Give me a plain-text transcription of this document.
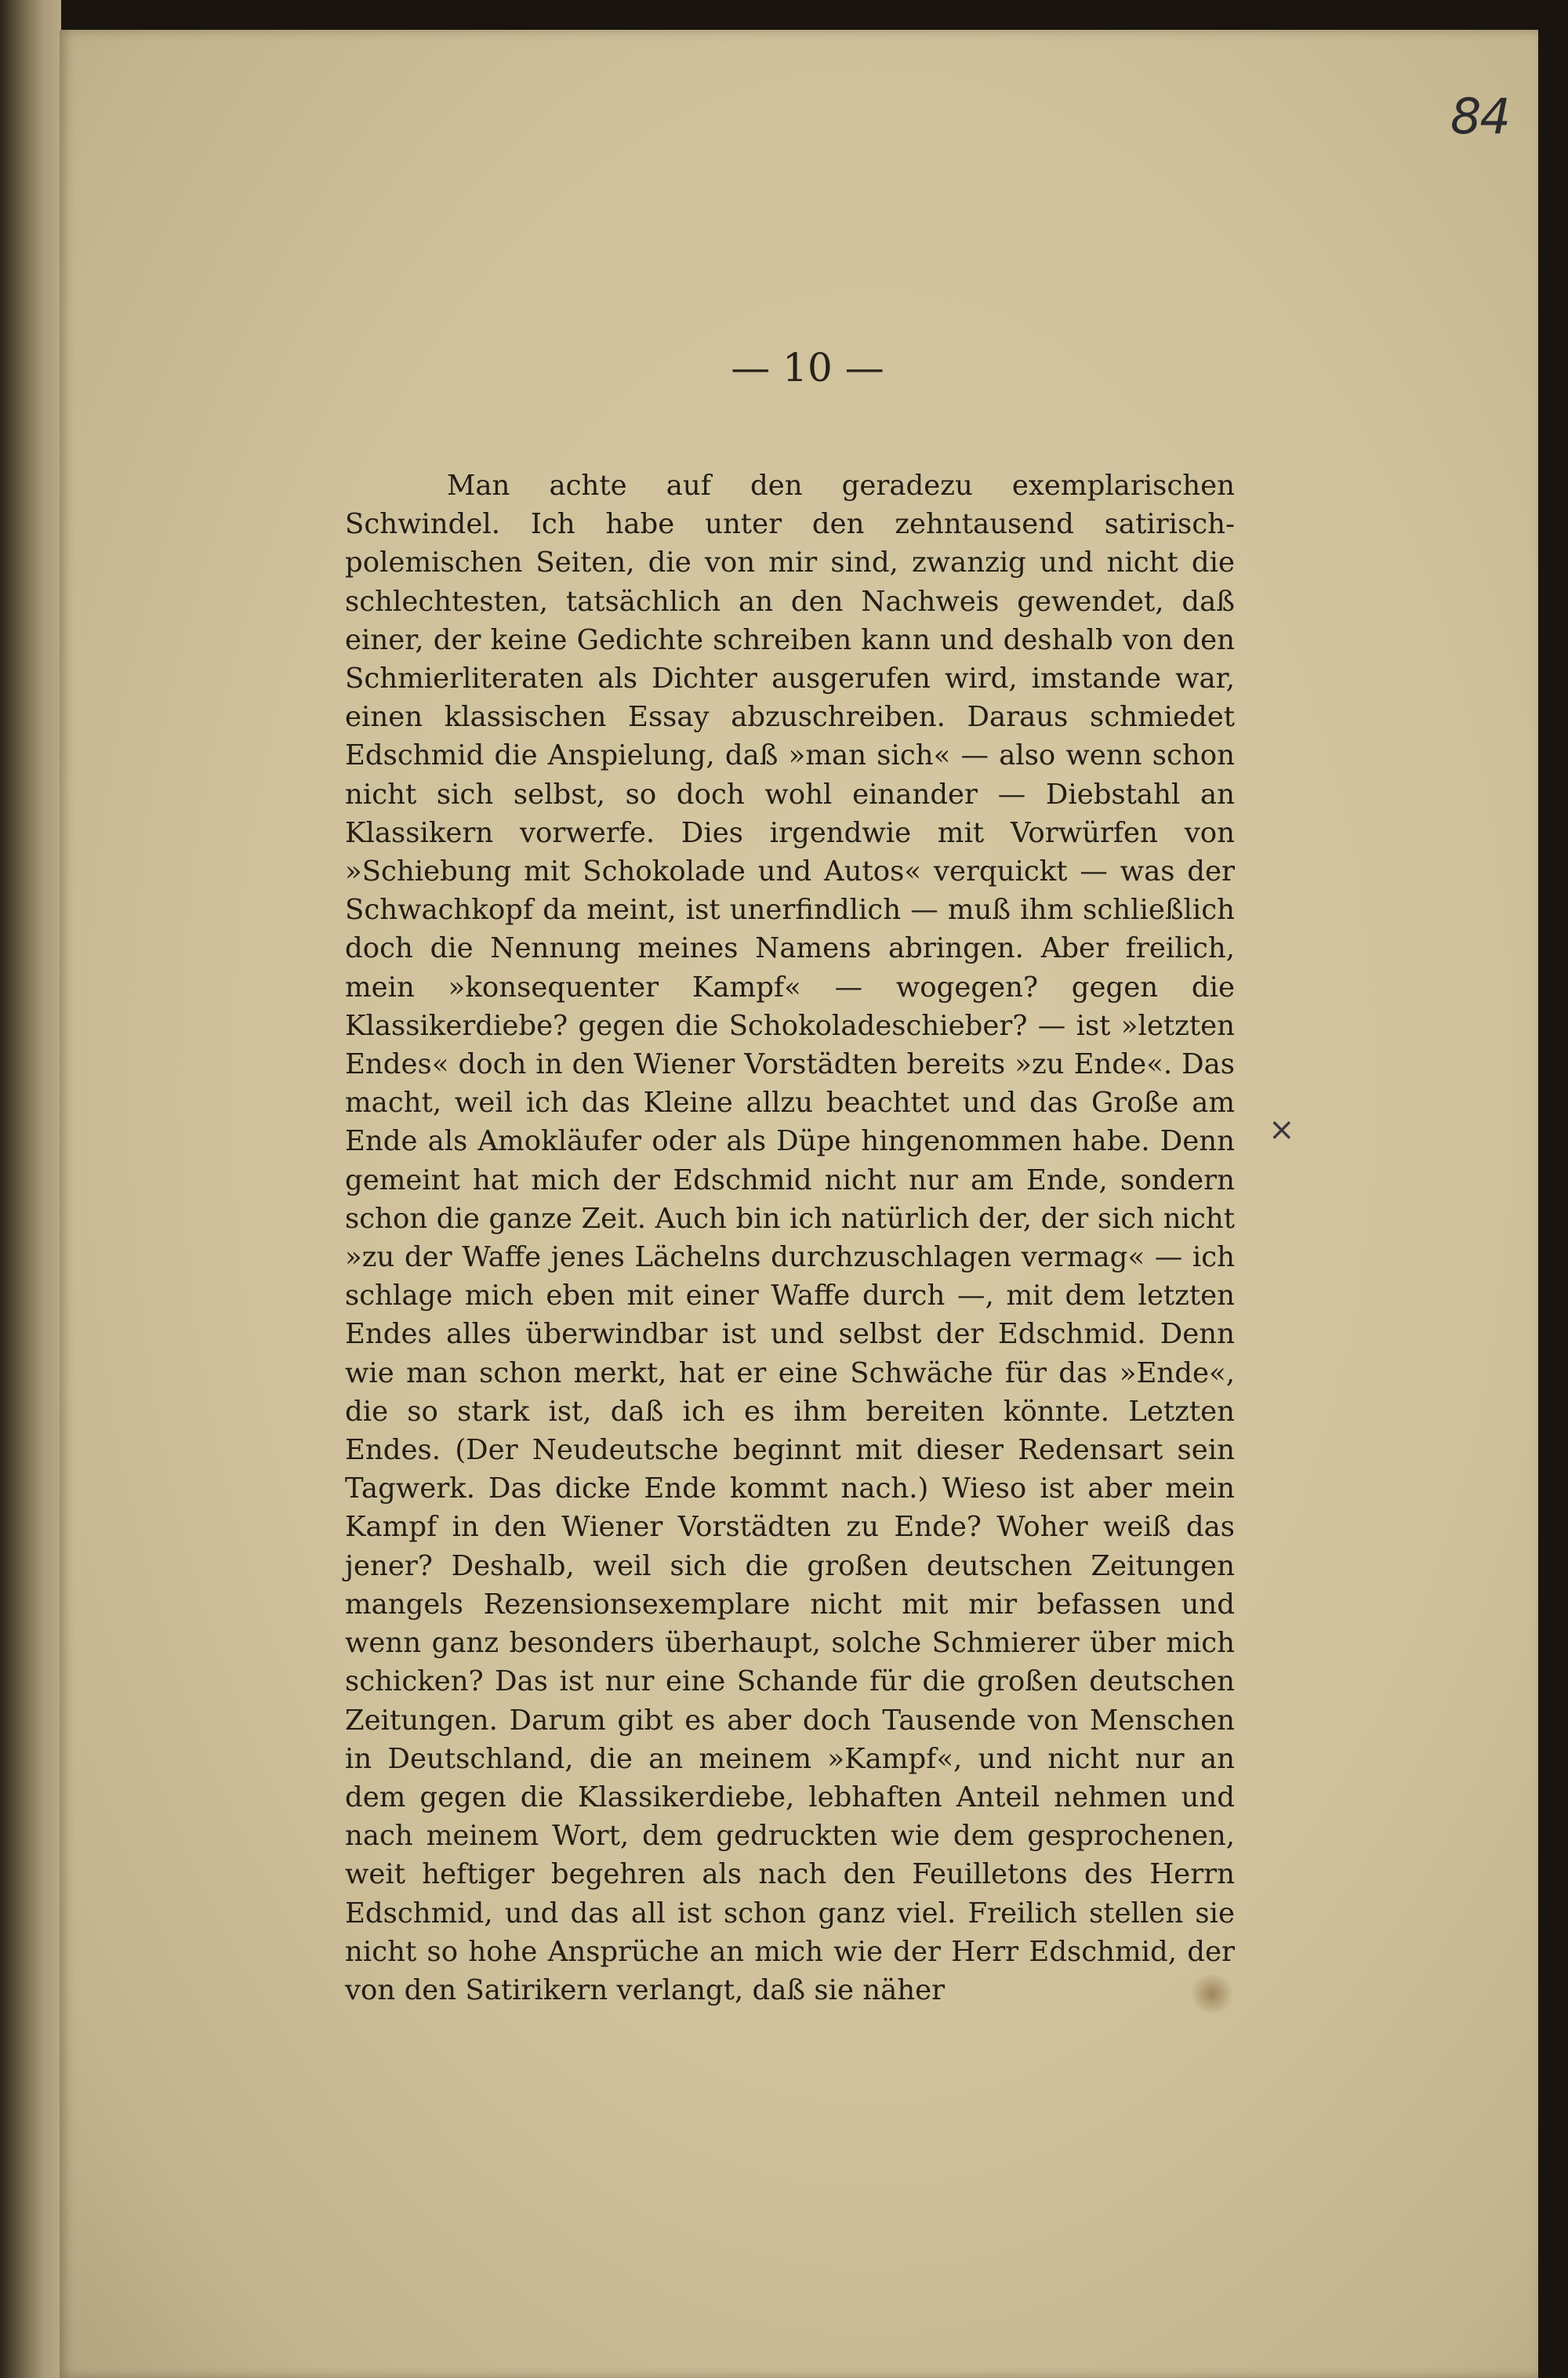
84
— 10 —

Man achte auf den geradezu exemplarischen Schwindel. Ich habe unter den zehntausend satirisch-polemischen Seiten, die von mir sind, zwanzig und nicht die schlechtesten, tatsächlich an den Nachweis gewendet, daß einer, der keine Gedichte schreiben kann und deshalb von den Schmierliteraten als Dichter ausgerufen wird, imstande war, einen klassischen Essay abzuschreiben. Daraus schmiedet Edschmid die Anspielung, daß »man sich« — also wenn schon nicht sich selbst, so doch wohl einander — Diebstahl an Klassikern vorwerfe. Dies irgendwie mit Vorwürfen von »Schiebung mit Schokolade und Autos« verquickt — was der Schwachkopf da meint, ist unerfindlich — muß ihm schließlich doch die Nennung meines Namens abringen. Aber freilich, mein »konsequenter Kampf« — wogegen? gegen die Klassikerdiebe? gegen die Schokoladeschieber? — ist »letzten Endes« doch in den Wiener Vorstädten bereits »zu Ende«. Das macht, weil ich das Kleine allzu beachtet und das Große am Ende als Amokläufer oder als Düpe hingenommen habe. Denn gemeint hat mich der Edschmid nicht nur am Ende, sondern schon die ganze Zeit. Auch bin ich natürlich der, der sich nicht »zu der Waffe jenes Lächelns durchzuschlagen vermag« — ich schlage mich eben mit einer Waffe durch —, mit dem letzten Endes alles überwindbar ist und selbst der Edschmid. Denn wie man schon merkt, hat er eine Schwäche für das »Ende«, die so stark ist, daß ich es ihm bereiten könnte. Letzten Endes. (Der Neudeutsche beginnt mit dieser Redensart sein Tagwerk. Das dicke Ende kommt nach.) Wieso ist aber mein Kampf in den Wiener Vorstädten zu Ende? Woher weiß das jener? Deshalb, weil sich die großen deutschen Zeitungen mangels Rezensionsexemplare nicht mit mir befassen und wenn ganz besonders überhaupt, solche Schmierer über mich schicken? Das ist nur eine Schande für die großen deutschen Zeitungen. Darum gibt es aber doch Tausende von Menschen in Deutschland, die an meinem »Kampf«, und nicht nur an dem gegen die Klassikerdiebe, lebhaften Anteil nehmen und nach meinem Wort, dem gedruckten wie dem gesprochenen, weit heftiger begehren als nach den Feuilletons des Herrn Edschmid, und das all ist schon ganz viel. Freilich stellen sie nicht so hohe Ansprüche an mich wie der Herr Edschmid, der von den Satirikern verlangt, daß sie näher

×
